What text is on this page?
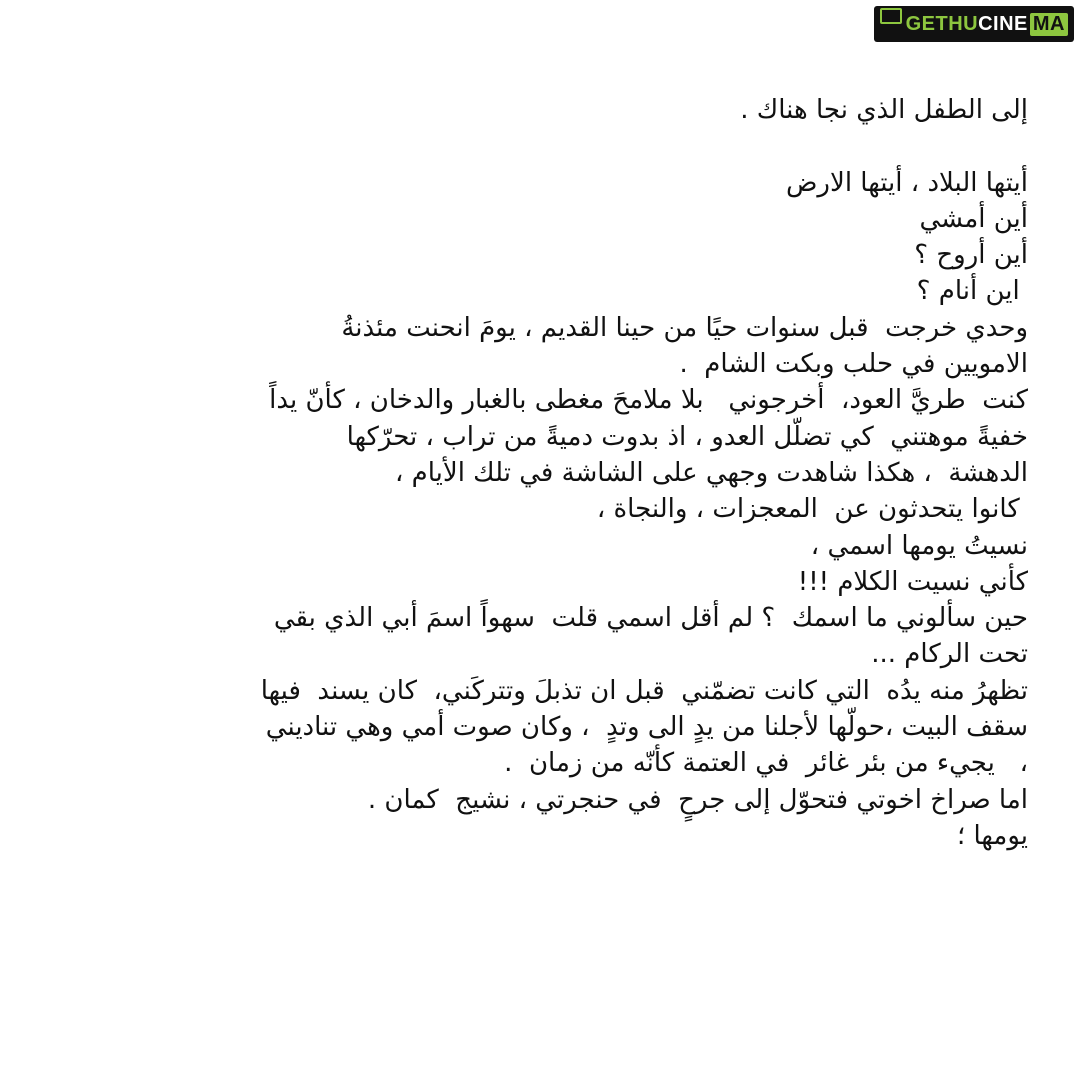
GETHU CINE MA
إلى الطفل الذي نجا هناك .
أيتها البلاد ، أيتها الارض
أين أمشي
أين أروح ؟
اين أنام ؟
وحدي خرجت  قبل سنوات حيًا من حينا القديم ، يومَ انحنت مئذنةُ
الامويين في حلب وبكت الشام  .
كنت  طريَّ العود،  أخرجوني   بلا ملامحَ مغطى بالغبار والدخان ، كأنّ يداً
خفيةً موهتني  كي تضلّل العدو ، اذ بدوت دميةً من تراب ، تحرّكها
الدهشة  ، هكذا شاهدت وجهي على الشاشة في تلك الأيام ،
كانوا يتحدثون عن  المعجزات ، والنجاة ،
نسيتُ يومها اسمي ،
كأني نسيت الكلام !!!
حين سألوني ما اسمك  ؟ لم أقل اسمي قلت  سهواً اسمَ أبي الذي بقي
تحت الركام ...
تظهرُ منه يدُه  التي كانت تضمّني  قبل ان تذبلَ وتتركَني،  كان يسند  فيها
سقف البيت ،حولّها لأجلنا من يدٍ الى وتدٍ  ، وكان صوت أمي وهي تناديني
،   يجيء من بئر غائر  في العتمة كأنّه من زمان  .
اما صراخ اخوتي فتحوّل إلى جرحٍ  في حنجرتي ، نشيج  كمان .
يومها ؛
